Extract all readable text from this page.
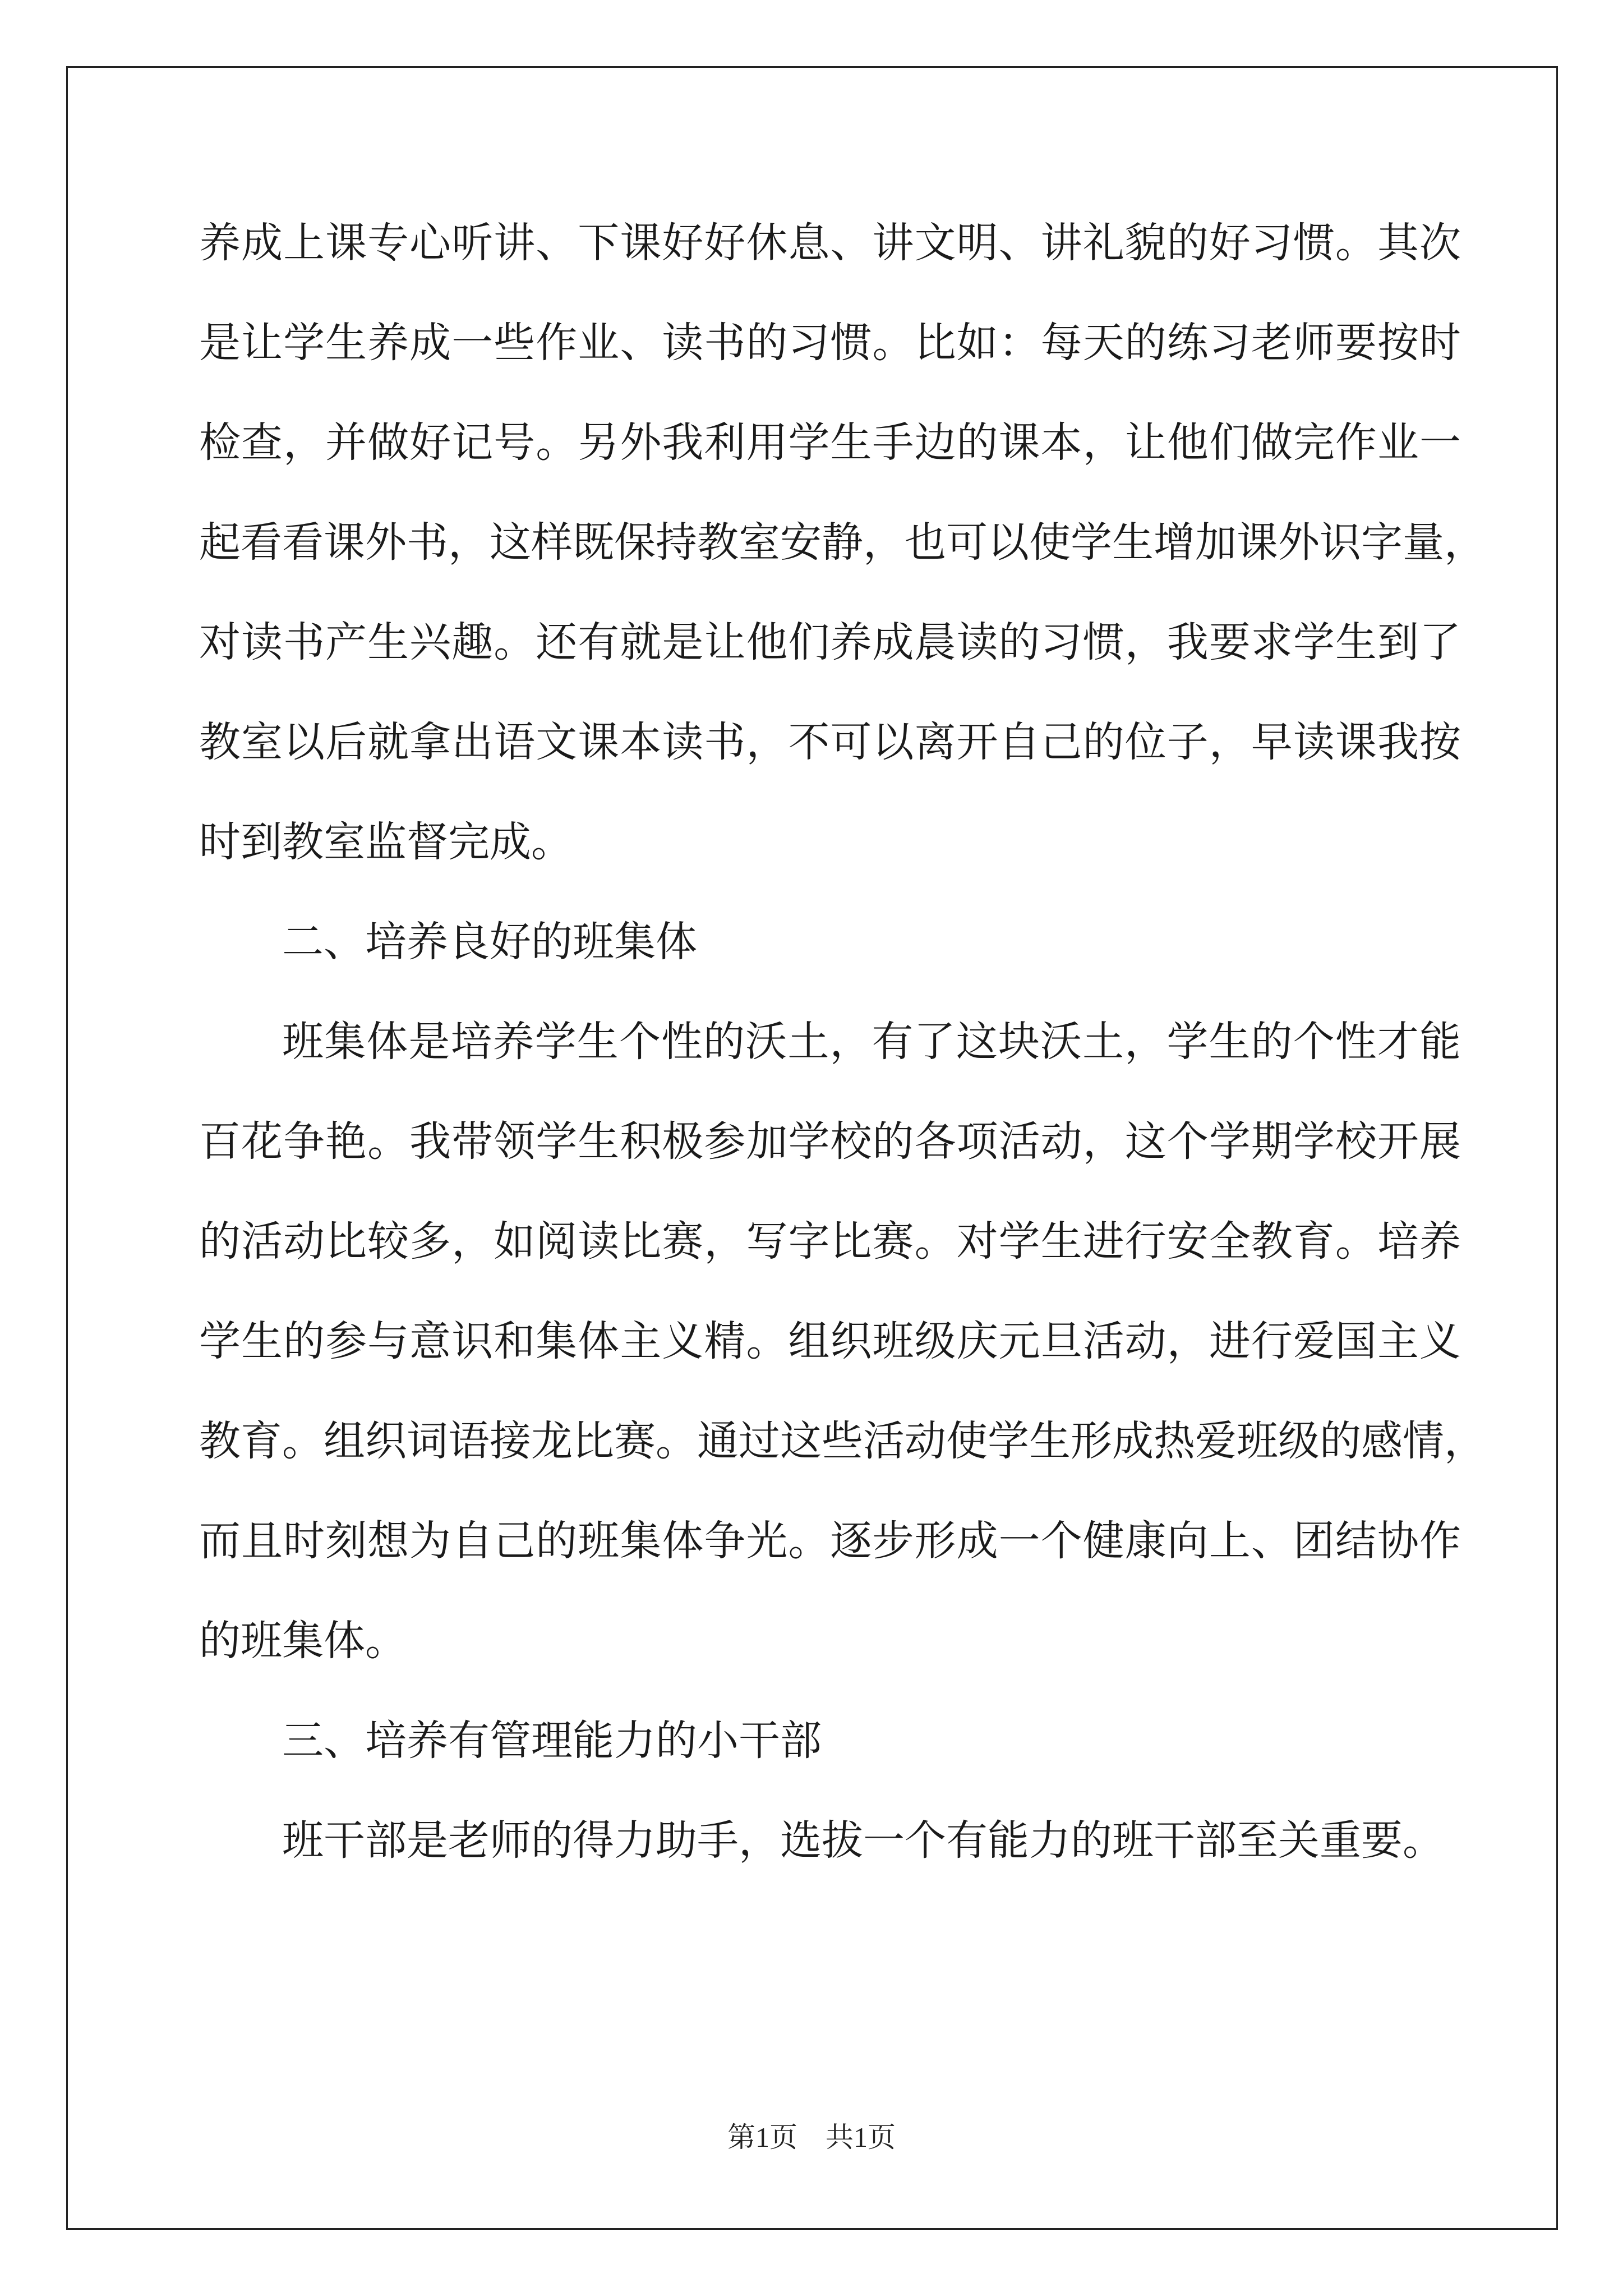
养成上课专心听讲、下课好好休息、讲文明、讲礼貌的好习惯。其次
是让学生养成一些作业、读书的习惯。比如：每天的练习老师要按时
检查，并做好记号。另外我利用学生手边的课本，让他们做完作业一
起看看课外书，这样既保持教室安静，也可以使学生增加课外识字量，
对读书产生兴趣。还有就是让他们养成晨读的习惯，我要求学生到了
教室以后就拿出语文课本读书，不可以离开自己的位子，早读课我按
时到教室监督完成。
二、培养良好的班集体
班集体是培养学生个性的沃土，有了这块沃土，学生的个性才能
百花争艳。我带领学生积极参加学校的各项活动，这个学期学校开展
的活动比较多，如阅读比赛，写字比赛。对学生进行安全教育。培养
学生的参与意识和集体主义精。组织班级庆元旦活动，进行爱国主义
教育。组织词语接龙比赛。通过这些活动使学生形成热爱班级的感情，
而且时刻想为自己的班集体争光。逐步形成一个健康向上、团结协作
的班集体。
三、培养有管理能力的小干部
班干部是老师的得力助手，选拔一个有能力的班干部至关重要。
第1页　共1页
